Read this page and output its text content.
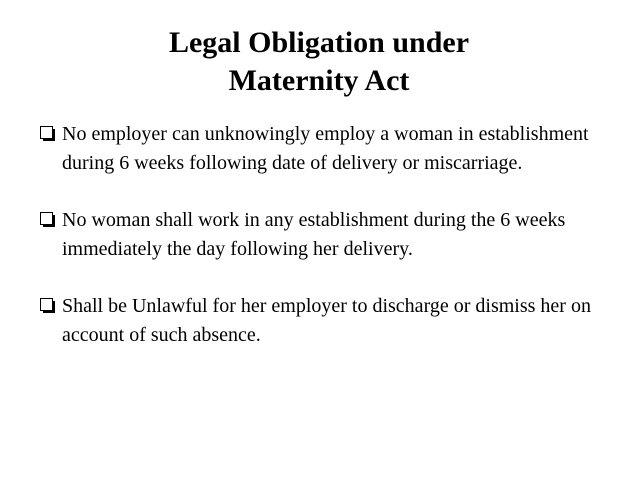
Legal Obligation under
Maternity Act
No employer can unknowingly employ a woman in establishment during 6 weeks following date of delivery or miscarriage.
No woman shall work in any establishment during the 6 weeks immediately the day following her delivery.
Shall be Unlawful for her employer to discharge or dismiss her on account of such absence.
